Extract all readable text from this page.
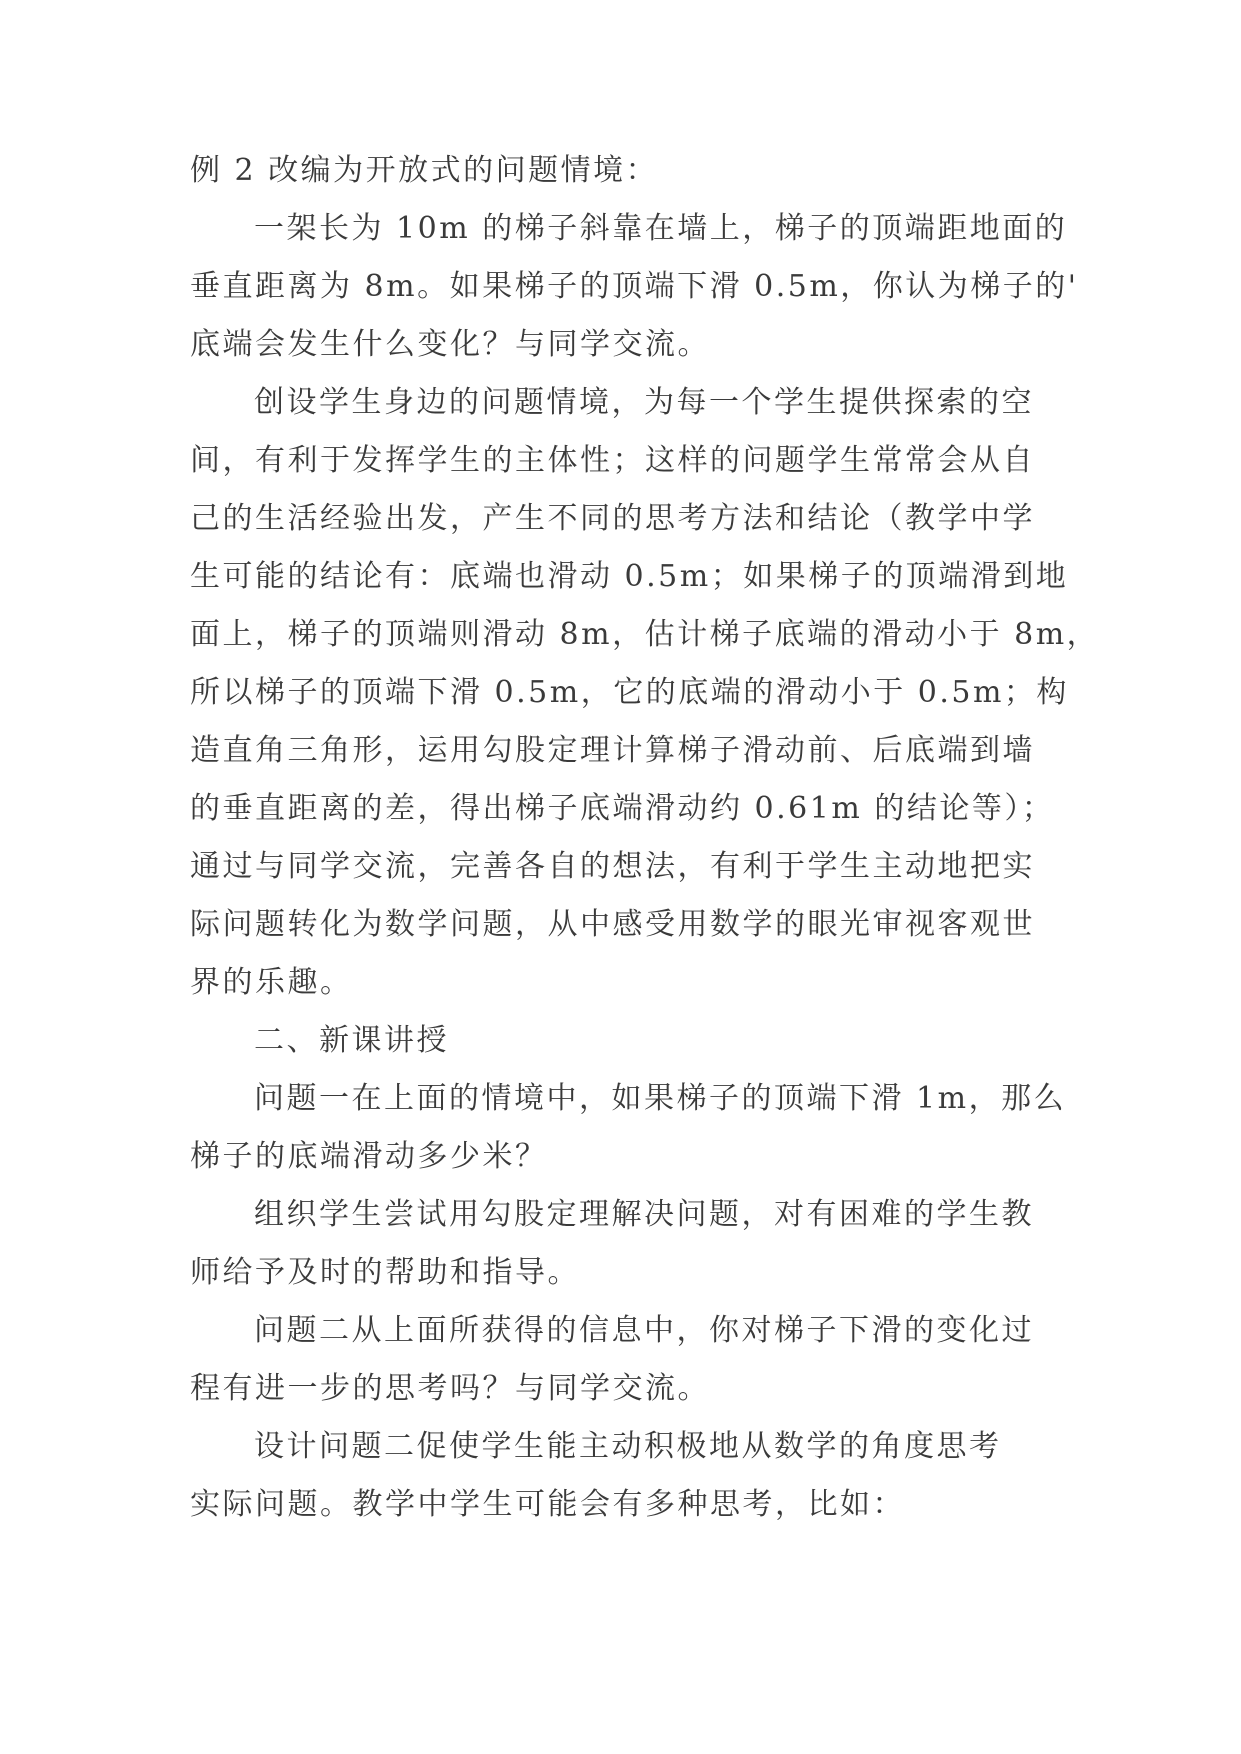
例 2 改编为开放式的问题情境：
一架长为 10m 的梯子斜靠在墙上，梯子的顶端距地面的
垂直距离为 8m。如果梯子的顶端下滑 0.5m，你认为梯子的'
底端会发生什么变化？与同学交流。
创设学生身边的问题情境，为每一个学生提供探索的空
间，有利于发挥学生的主体性；这样的问题学生常常会从自
己的生活经验出发，产生不同的思考方法和结论（教学中学
生可能的结论有：底端也滑动 0.5m；如果梯子的顶端滑到地
面上，梯子的顶端则滑动 8m，估计梯子底端的滑动小于 8m，
所以梯子的顶端下滑 0.5m，它的底端的滑动小于 0.5m；构
造直角三角形，运用勾股定理计算梯子滑动前、后底端到墙
的垂直距离的差，得出梯子底端滑动约 0.61m 的结论等）；
通过与同学交流，完善各自的想法，有利于学生主动地把实
际问题转化为数学问题，从中感受用数学的眼光审视客观世
界的乐趣。
二、新课讲授
问题一在上面的情境中，如果梯子的顶端下滑 1m，那么
梯子的底端滑动多少米？
组织学生尝试用勾股定理解决问题，对有困难的学生教
师给予及时的帮助和指导。
问题二从上面所获得的信息中，你对梯子下滑的变化过
程有进一步的思考吗？与同学交流。
设计问题二促使学生能主动积极地从数学的角度思考
实际问题。教学中学生可能会有多种思考，比如：
